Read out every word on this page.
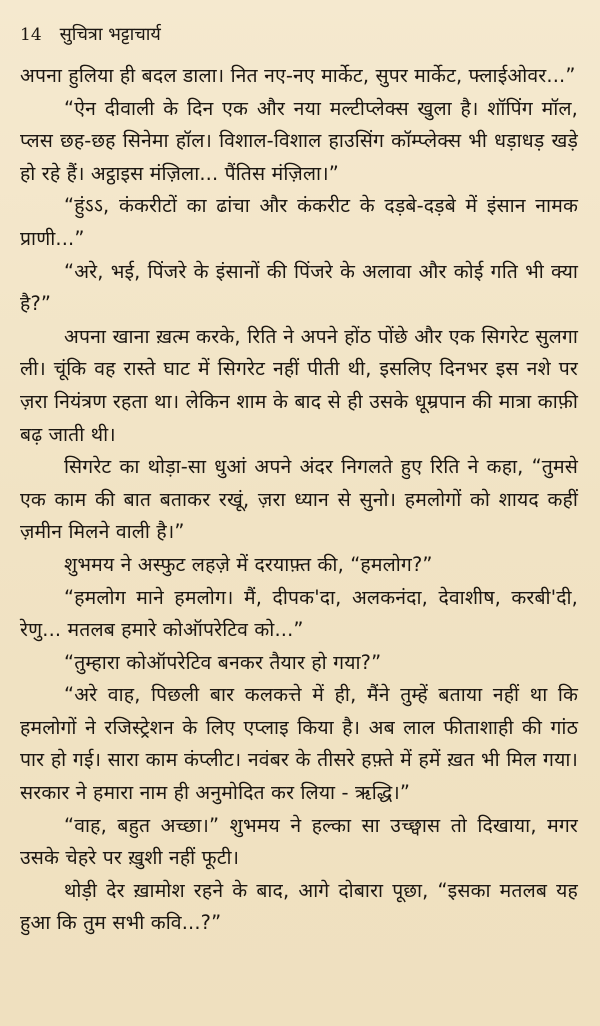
14 सुचित्रा भट्टाचार्य

अपना हुलिया ही बदल डाला। नित नए-नए मार्केट, सुपर मार्केट, फ्लाईओवर...”

“ऐन दीवाली के दिन एक और नया मल्टीप्लेक्स खुला है। शॉपिंग मॉल, प्लस छह-छह सिनेमा हॉल। विशाल-विशाल हाउसिंग कॉम्प्लेक्स भी धड़ाधड़ खड़े हो रहे हैं। अट्ठाइस मंज़िला... पैंतिस मंज़िला।”

“हुंऽऽ, कंकरीटों का ढांचा और कंकरीट के दड़बे-दड़बे में इंसान नामक प्राणी...”

“अरे, भई, पिंजरे के इंसानों की पिंजरे के अलावा और कोई गति भी क्या है?”

अपना खाना ख़त्म करके, रिति ने अपने होंठ पोंछे और एक सिगरेट सुलगा ली। चूंकि वह रास्ते घाट में सिगरेट नहीं पीती थी, इसलिए दिनभर इस नशे पर ज़रा नियंत्रण रहता था। लेकिन शाम के बाद से ही उसके धूम्रपान की मात्रा काफ़ी बढ़ जाती थी।

सिगरेट का थोड़ा-सा धुआं अपने अंदर निगलते हुए रिति ने कहा, “तुमसे एक काम की बात बताकर रखूं, ज़रा ध्यान से सुनो। हमलोगों को शायद कहीं ज़मीन मिलने वाली है।”

शुभमय ने अस्फुट लहज़े में दरयाफ़्त की, “हमलोग?”

“हमलोग माने हमलोग। मैं, दीपक'दा, अलकनंदा, देवाशीष, करबी'दी, रेणु... मतलब हमारे कोऑपरेटिव को...”

“तुम्हारा कोऑपरेटिव बनकर तैयार हो गया?”

“अरे वाह, पिछली बार कलकत्ते में ही, मैंने तुम्हें बताया नहीं था कि हमलोगों ने रजिस्ट्रेशन के लिए एप्लाइ किया है। अब लाल फीताशाही की गांठ पार हो गई। सारा काम कंप्लीट। नवंबर के तीसरे हफ़्ते में हमें ख़त भी मिल गया। सरकार ने हमारा नाम ही अनुमोदित कर लिया - ऋद्धि।”

“वाह, बहुत अच्छा।” शुभमय ने हल्का सा उच्छ्वास तो दिखाया, मगर उसके चेहरे पर ख़ुशी नहीं फूटी।

थोड़ी देर ख़ामोश रहने के बाद, आगे दोबारा पूछा, “इसका मतलब यह हुआ कि तुम सभी कवि...?”
